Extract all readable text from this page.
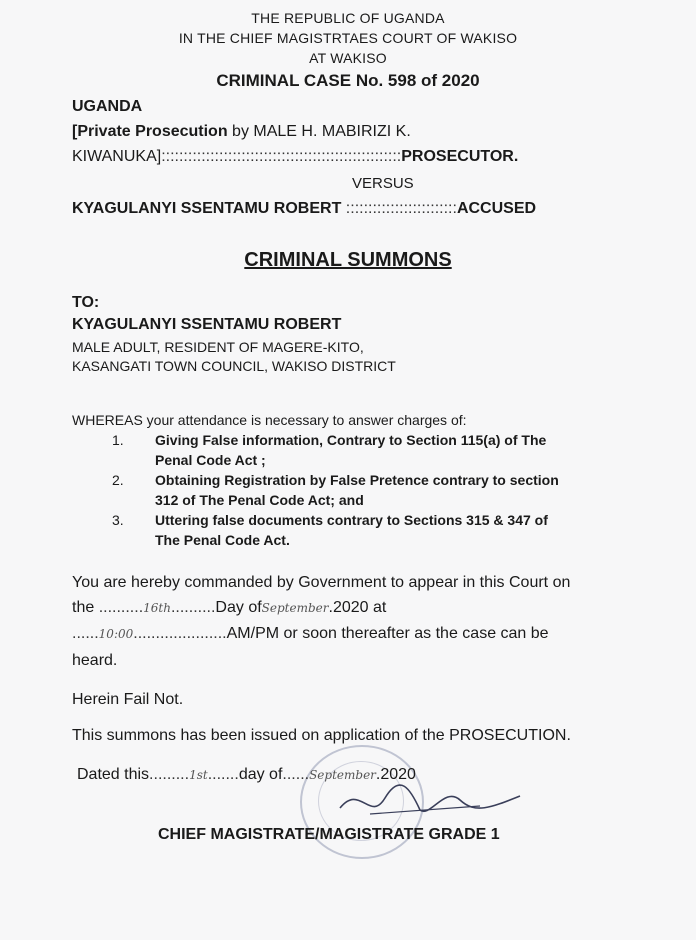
THE REPUBLIC OF UGANDA
IN THE CHIEF MAGISTRTAES COURT OF WAKISO
AT WAKISO
CRIMINAL CASE No. 598 of 2020
UGANDA
[Private Prosecution by MALE H. MABIRIZI K.
KIWANUKA]::::::::::::::::::::::::::::::::::::::::::::::::::::::PROSECUTOR.
VERSUS
KYAGULANYI SSENTAMU ROBERT :::::::::::::::::::::::::ACCUSED
CRIMINAL SUMMONS
TO:
KYAGULANYI SSENTAMU ROBERT
MALE ADULT, RESIDENT OF MAGERE-KITO,
KASANGATI TOWN COUNCIL, WAKISO DISTRICT
WHEREAS your attendance is necessary to answer charges of:
1. Giving False information, Contrary to Section 115(a) of The
Penal Code Act ;
2. Obtaining Registration by False Pretence contrary to section
312 of The Penal Code Act; and
3. Uttering false documents contrary to Sections 315 & 347 of
The Penal Code Act.
You are hereby commanded by Government to appear in this Court on
the ..........16th..........Day ofSeptember.2020 at
......10:00.....................AM/PM or soon thereafter as the case can be
heard.
Herein Fail Not.
This summons has been issued on application of the PROSECUTION.
Dated this.........1st.......day of......September.2020
CHIEF MAGISTRATE/MAGISTRATE GRADE 1
